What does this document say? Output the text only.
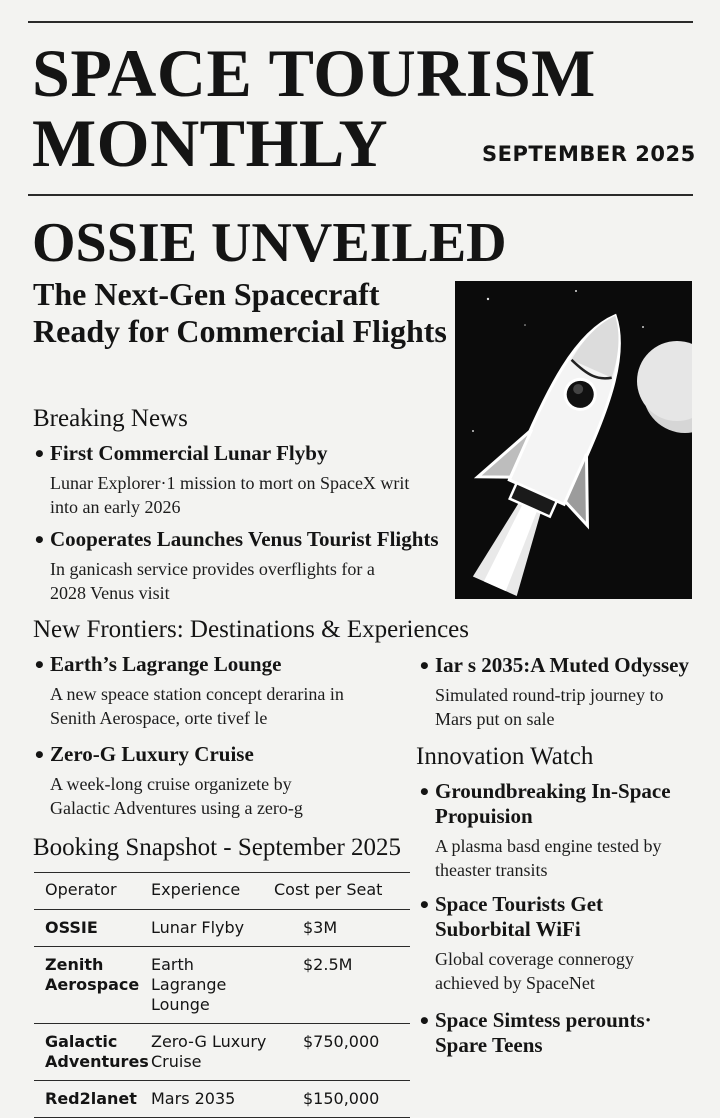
SPACE TOURISM
MONTHLY	SEPTEMBER 2025
OSSIE UNVEILED
The Next-Gen Spacecraft Ready for Commercial Flights
Breaking News
• First Commercial Lunar Flyby
Lunar Explorer·1 mission to mort on SpaceX writ into an early 2026
• Cooperates Launches Venus Tourist Flights
In ganicash service provides overflights for a 2028 Venus visit
New Frontiers: Destinations & Experiences
• Earth’s Lagrange Lounge
A new speace station concept derarina in Senith Aerospace, orte tivef le
• Zero-G Luxury Cruise
A week-long cruise organizete by Galactic Adventures using a zero-g
• Iar s 2035:A Muted Odyssey
Simulated round-trip journey to Mars put on sale
Innovation Watch
• Groundbreaking In-Space Propuision
A plasma basd engine tested by theaster transits
• Space Tourists Get Suborbital WiFi
Global coverage connerogy achieved by SpaceNet
• Space Simtess perounts· Spare Teens
Booking Snapshot - September 2025
Operator	Experience	Cost per Seat
OSSIE	Lunar Flyby	$3M
Zenith Aerospace	Earth Lagrange Lounge	$2.5M
Galactic Adventures	Zero-G Luxury Cruise	$750,000
Red2lanet	Mars 2035	$150,000
